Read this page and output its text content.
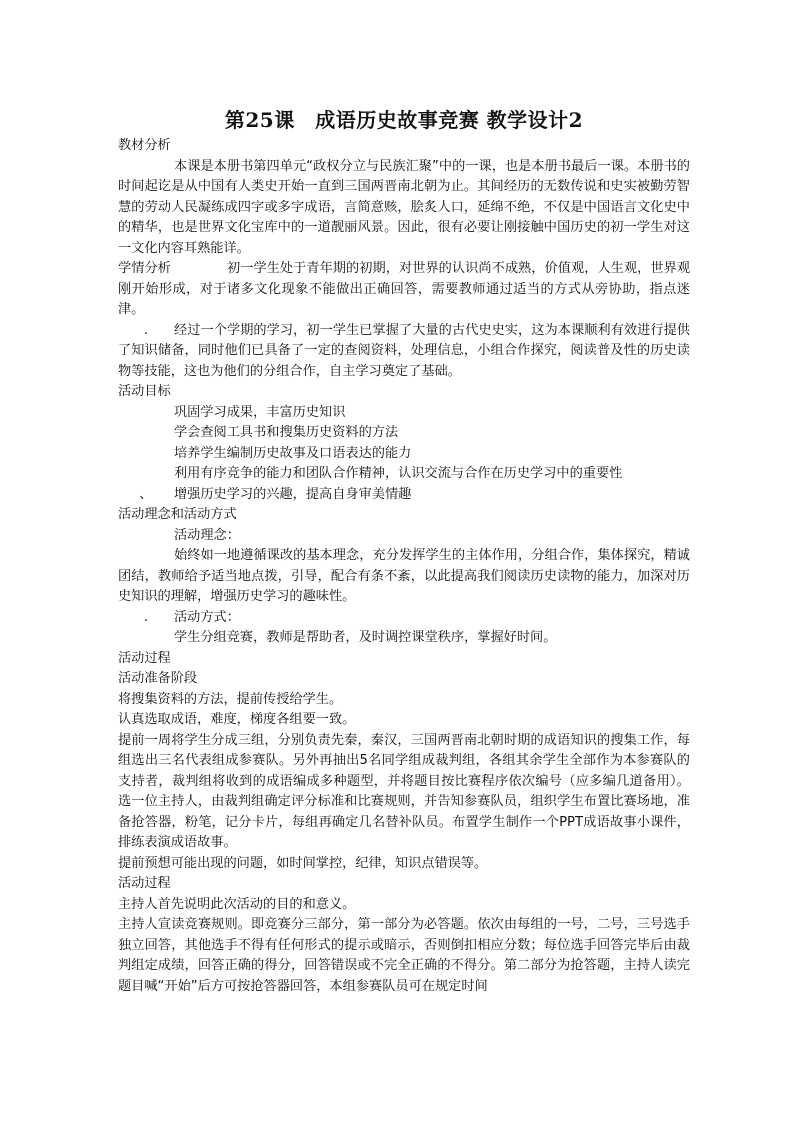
第25课　成语历史故事竞赛 教学设计2

教材分析

本课是本册书第四单元“政权分立与民族汇聚”中的一课，也是本册书最后一课。本册书的时间起讫是从中国有人类史开始一直到三国两晋南北朝为止。其间经历的无数传说和史实被勤劳智慧的劳动人民凝练成四字或多字成语，言简意赅，脍炙人口，延绵不绝，不仅是中国语言文化史中的精华，也是世界文化宝库中的一道靓丽风景。因此，很有必要让刚接触中国历史的初一学生对这一文化内容耳熟能详。

学情分析	初一学生处于青年期的初期，对世界的认识尚不成熟，价值观，人生观，世界观刚开始形成，对于诸多文化现象不能做出正确回答，需要教师通过适当的方式从旁协助，指点迷津。

. 经过一个学期的学习，初一学生已掌握了大量的古代史史实，这为本课顺利有效进行提供了知识储备，同时他们已具备了一定的查阅资料，处理信息，小组合作探究，阅读普及性的历史读物等技能，这也为他们的分组合作，自主学习奠定了基础。

活动目标

巩固学习成果，丰富历史知识

学会查阅工具书和搜集历史资料的方法

培养学生编制历史故事及口语表达的能力

利用有序竞争的能力和团队合作精神，认识交流与合作在历史学习中的重要性

、 增强历史学习的兴趣，提高自身审美情趣

活动理念和活动方式

活动理念：

始终如一地遵循课改的基本理念，充分发挥学生的主体作用，分组合作，集体探究，精诚团结，教师给予适当地点拨，引导，配合有条不紊，以此提高我们阅读历史读物的能力，加深对历史知识的理解，增强历史学习的趣味性。

. 活动方式：

学生分组竞赛，教师是帮助者，及时调控课堂秩序，掌握好时间。

活动过程

活动准备阶段

将搜集资料的方法，提前传授给学生。

认真选取成语，难度，梯度各组要一致。

提前一周将学生分成三组，分别负责先秦，秦汉，三国两晋南北朝时期的成语知识的搜集工作，每组选出三名代表组成参赛队。另外再抽出5名同学组成裁判组，各组其余学生全部作为本参赛队的支持者，裁判组将收到的成语编成多种题型，并将题目按比赛程序依次编号（应多编几道备用）。选一位主持人，由裁判组确定评分标准和比赛规则，并告知参赛队员，组织学生布置比赛场地，准备抢答器，粉笔，记分卡片，每组再确定几名替补队员。布置学生制作一个PPT成语故事小课件，排练表演成语故事。

提前预想可能出现的问题，如时间掌控，纪律，知识点错误等。

活动过程

主持人首先说明此次活动的目的和意义。

主持人宣读竞赛规则。即竞赛分三部分，第一部分为必答题。依次由每组的一号，二号，三号选手独立回答，其他选手不得有任何形式的提示或暗示，否则倒扣相应分数；每位选手回答完毕后由裁判组定成绩，回答正确的得分，回答错误或不完全正确的不得分。第二部分为抢答题，主持人读完题目喊“开始”后方可按抢答器回答，本组参赛队员可在规定时间
